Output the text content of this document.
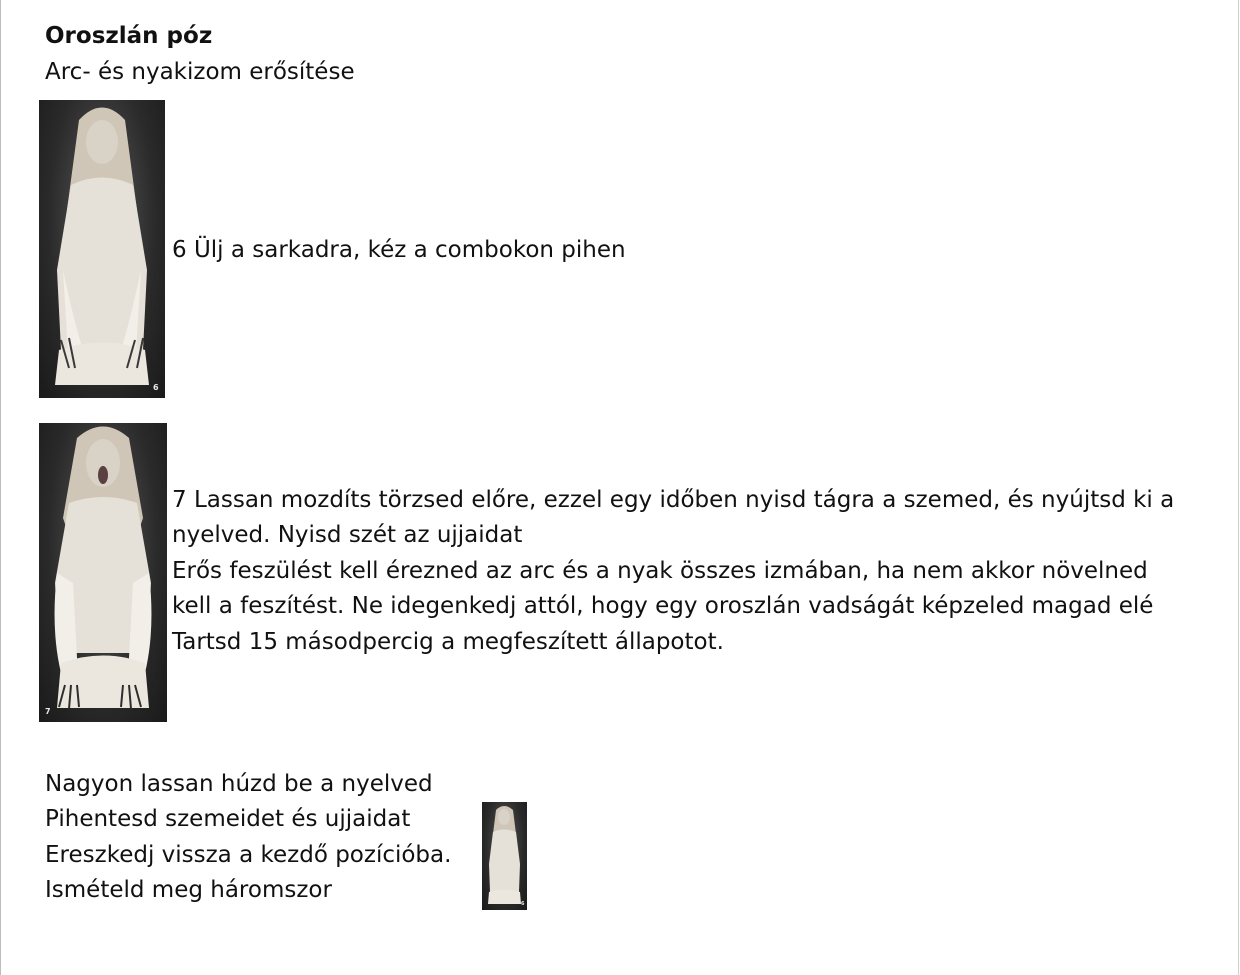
Oroszlán póz
Arc- és nyakizom erősítése
6
6 Ülj a sarkadra, kéz a combokon pihen
7
7 Lassan mozdíts törzsed előre, ezzel egy időben nyisd tágra a szemed, és nyújtsd ki a
nyelved. Nyisd szét az ujjaidat
Erős feszülést kell érezned az arc és a nyak összes izmában, ha nem akkor növelned
kell a feszítést. Ne idegenkedj attól, hogy egy oroszlán vadságát képzeled magad elé
Tartsd 15 másodpercig a megfeszített állapotot.
Nagyon lassan húzd be a nyelved
Pihentesd szemeidet és ujjaidat
Ereszkedj vissza a kezdő pozícióba.
Ismételd meg háromszor
6
